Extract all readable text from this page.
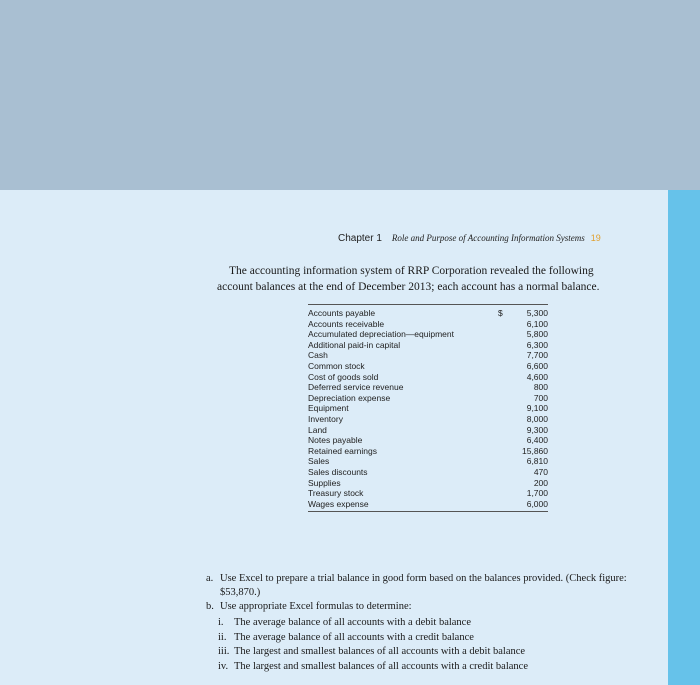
Chapter 1 Role and Purpose of Accounting Information Systems 19
The accounting information system of RRP Corporation revealed the following
account balances at the end of December 2013; each account has a normal balance.
Accounts payable	$	5,300
Accounts receivable	6,100
Accumulated depreciation—equipment	5,800
Additional paid-in capital	6,300
Cash	7,700
Common stock	6,600
Cost of goods sold	4,600
Deferred service revenue	800
Depreciation expense	700
Equipment	9,100
Inventory	8,000
Land	9,300
Notes payable	6,400
Retained earnings	15,860
Sales	6,810
Sales discounts	470
Supplies	200
Treasury stock	1,700
Wages expense	6,000
a. Use Excel to prepare a trial balance in good form based on the balances provided. (Check figure: $53,870.)
b. Use appropriate Excel formulas to determine:
i. The average balance of all accounts with a debit balance
ii. The average balance of all accounts with a credit balance
iii. The largest and smallest balances of all accounts with a debit balance
iv. The largest and smallest balances of all accounts with a credit balance
